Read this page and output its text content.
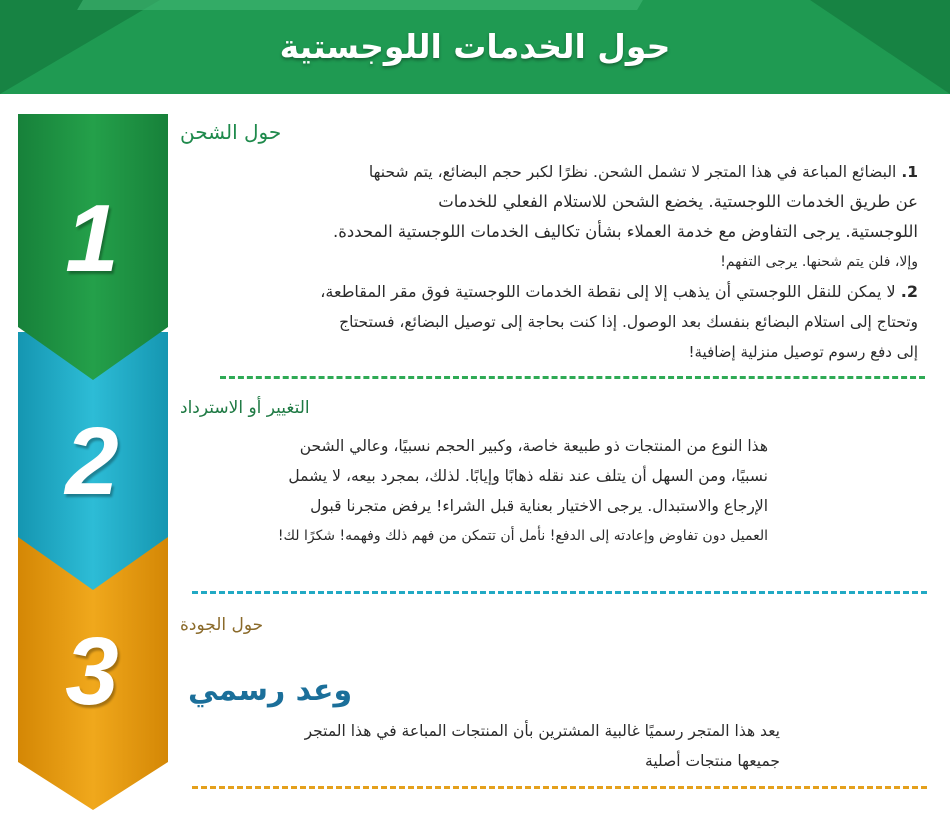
حول الخدمات اللوجستية
1
2
3
حول الشحن
1. البضائع المباعة في هذا المتجر لا تشمل الشحن. نظرًا لكبر حجم البضائع، يتم شحنها
عن طريق الخدمات اللوجستية. يخضع الشحن للاستلام الفعلي للخدمات
اللوجستية. يرجى التفاوض مع خدمة العملاء بشأن تكاليف الخدمات اللوجستية المحددة.
وإلا، فلن يتم شحنها. يرجى التفهم!
2. لا يمكن للنقل اللوجستي أن يذهب إلا إلى نقطة الخدمات اللوجستية فوق مقر المقاطعة،
وتحتاج إلى استلام البضائع بنفسك بعد الوصول. إذا كنت بحاجة إلى توصيل البضائع، فستحتاج
إلى دفع رسوم توصيل منزلية إضافية!
التغيير أو الاسترداد
هذا النوع من المنتجات ذو طبيعة خاصة، وكبير الحجم نسبيًا، وعالي الشحن
نسبيًا، ومن السهل أن يتلف عند نقله ذهابًا وإيابًا. لذلك، بمجرد بيعه، لا يشمل
الإرجاع والاستبدال. يرجى الاختيار بعناية قبل الشراء! يرفض متجرنا قبول
العميل دون تفاوض وإعادته إلى الدفع! نأمل أن تتمكن من فهم ذلك وفهمه! شكرًا لك!
حول الجودة
وعد رسمي
يعد هذا المتجر رسميًا غالبية المشترين بأن المنتجات المباعة في هذا المتجر
جميعها منتجات أصلية
